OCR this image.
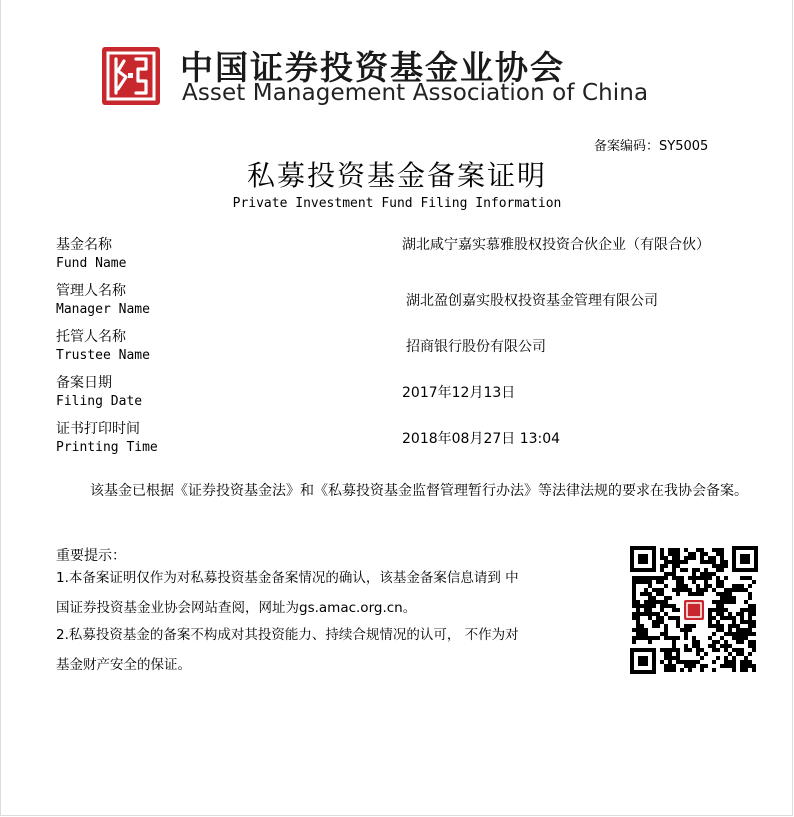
中国证券投资基金业协会
Asset Management Association of China
备案编码：SY5005
私募投资基金备案证明
Private Investment Fund Filing Information
基金名称
Fund Name
湖北咸宁嘉实慕雅股权投资合伙企业（有限合伙）
管理人名称
Manager Name
湖北盈创嘉实股权投资基金管理有限公司
托管人名称
Trustee Name
招商银行股份有限公司
备案日期
Filing Date
2017年12月13日
证书打印时间
Printing Time
2018年08月27日 13:04
该基金已根据《证券投资基金法》和《私募投资基金监督管理暂行办法》等法律法规的要求在我协会备案。
重要提示：
1.本备案证明仅作为对私募投资基金备案情况的确认，该基金备案信息请到 中
国证券投资基金业协会网站查阅，网址为gs.amac.org.cn。
2.私募投资基金的备案不构成对其投资能力、持续合规情况的认可， 不作为对
基金财产安全的保证。
